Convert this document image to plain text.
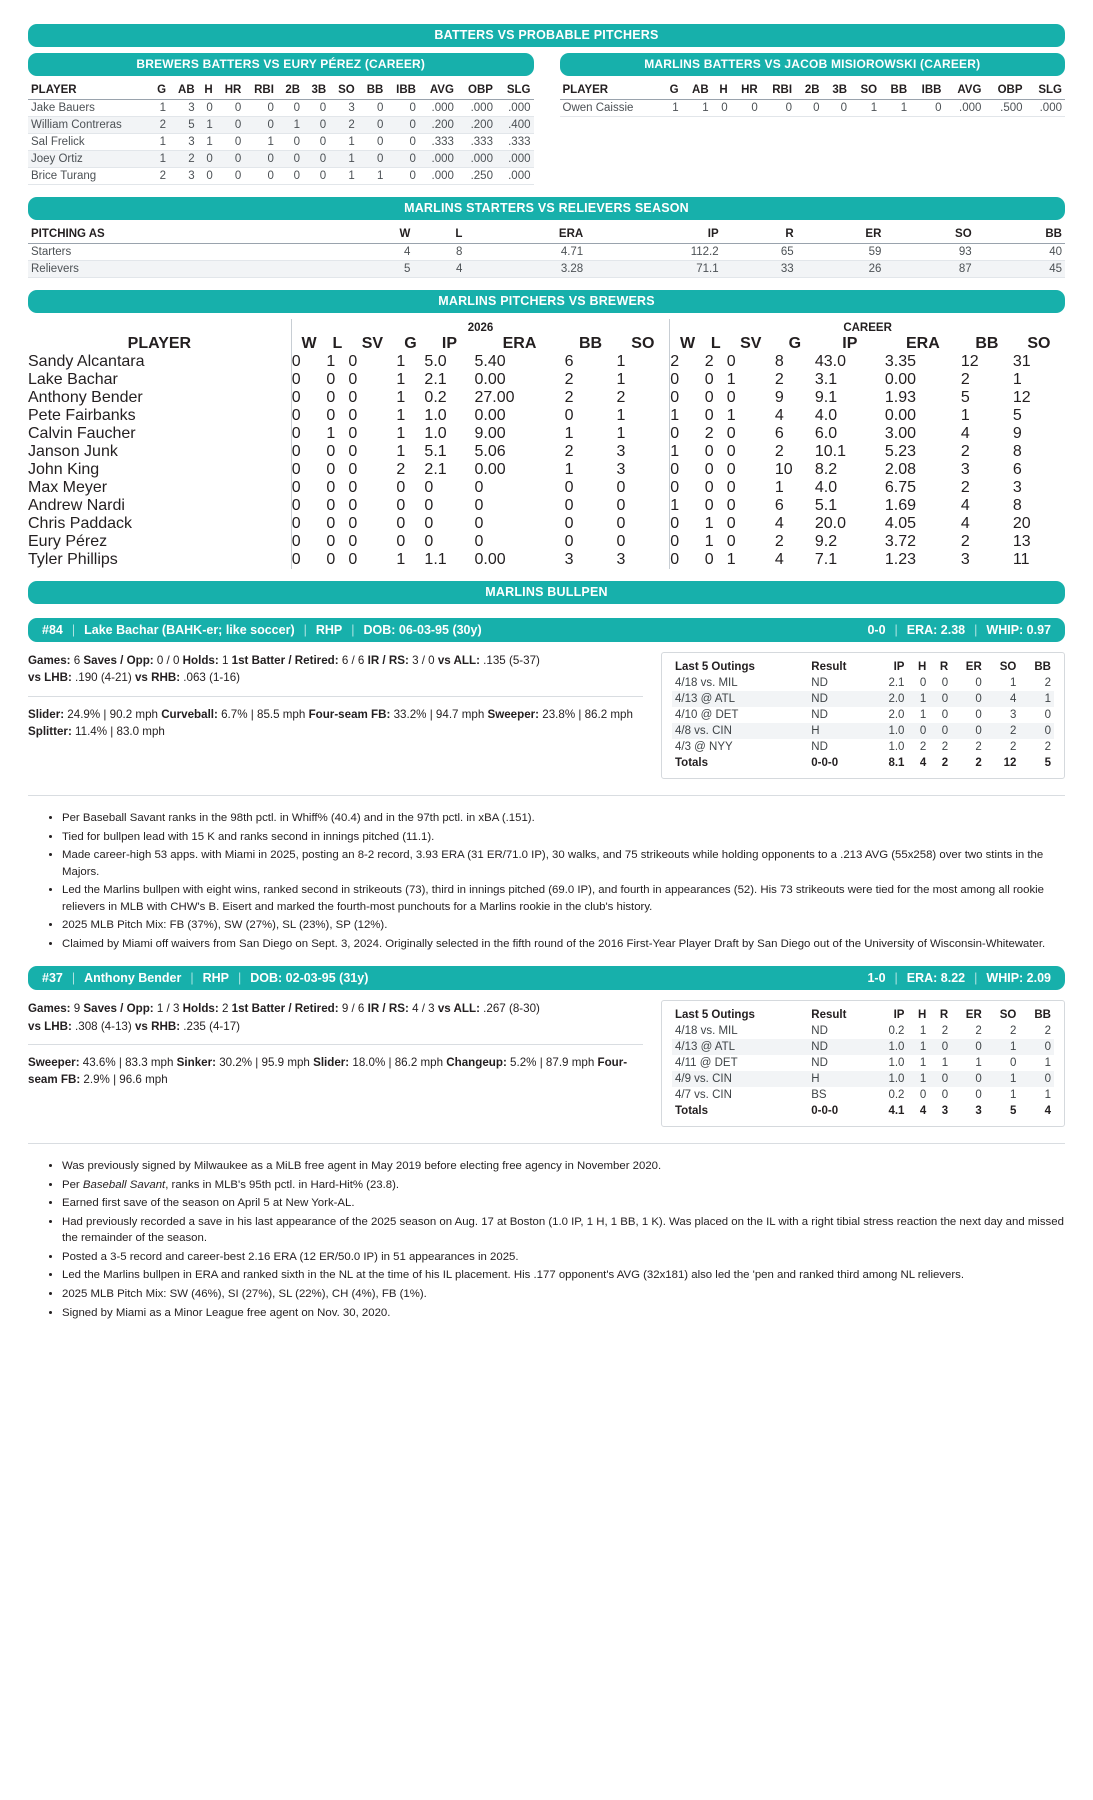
BATTERS VS PROBABLE PITCHERS
BREWERS BATTERS VS EURY PÉREZ (CAREER)
PLAYER	G	AB	H	HR	RBI	2B	3B	SO	BB	IBB	AVG	OBP	SLG
Jake Bauers	1	3	0	0	0	0	0	3	0	0	.000	.000	.000
William Contreras	2	5	1	0	0	1	0	2	0	0	.200	.200	.400
Sal Frelick	1	3	1	0	1	0	0	1	0	0	.333	.333	.333
Joey Ortiz	1	2	0	0	0	0	0	1	0	0	.000	.000	.000
Brice Turang	2	3	0	0	0	0	0	1	1	0	.000	.250	.000
MARLINS BATTERS VS JACOB MISIOROWSKI (CAREER)
PLAYER	G	AB	H	HR	RBI	2B	3B	SO	BB	IBB	AVG	OBP	SLG
Owen Caissie	1	1	0	0	0	0	0	1	1	0	.000	.500	.000
MARLINS STARTERS VS RELIEVERS SEASON
PITCHING AS	W	L	ERA	IP	R	ER	SO	BB
Starters	4	8	4.71	112.2	65	59	93	40
Relievers	5	4	3.28	71.1	33	26	87	45
MARLINS PITCHERS VS BREWERS
	2026								CAREER							
PLAYER	W	L	SV	G	IP	ERA	BB	SO	W	L	SV	G	IP	ERA	BB	SO
Sandy Alcantara	0	1	0	1	5.0	5.40	6	1	2	2	0	8	43.0	3.35	12	31
Lake Bachar	0	0	0	1	2.1	0.00	2	1	0	0	1	2	3.1	0.00	2	1
Anthony Bender	0	0	0	1	0.2	27.00	2	2	0	0	0	9	9.1	1.93	5	12
Pete Fairbanks	0	0	0	1	1.0	0.00	0	1	1	0	1	4	4.0	0.00	1	5
Calvin Faucher	0	1	0	1	1.0	9.00	1	1	0	2	0	6	6.0	3.00	4	9
Janson Junk	0	0	0	1	5.1	5.06	2	3	1	0	0	2	10.1	5.23	2	8
John King	0	0	0	2	2.1	0.00	1	3	0	0	0	10	8.2	2.08	3	6
Max Meyer	0	0	0	0	0	0	0	0	0	0	0	1	4.0	6.75	2	3
Andrew Nardi	0	0	0	0	0	0	0	0	1	0	0	6	5.1	1.69	4	8
Chris Paddack	0	0	0	0	0	0	0	0	0	1	0	4	20.0	4.05	4	20
Eury Pérez	0	0	0	0	0	0	0	0	0	1	0	2	9.2	3.72	2	13
Tyler Phillips	0	0	0	1	1.1	0.00	3	3	0	0	1	4	7.1	1.23	3	11
MARLINS BULLPEN
#84 | Lake Bachar (BAHK-er; like soccer) | RHP | DOB: 06-03-95 (30y)	0-0 | ERA: 2.38 | WHIP: 0.97
Games: 6 Saves / Opp: 0 / 0 Holds: 1 1st Batter / Retired: 6 / 6 IR / RS: 3 / 0 vs ALL: .135 (5-37)
vs LHB: .190 (4-21) vs RHB: .063 (1-16)
Slider: 24.9% | 90.2 mph Curveball: 6.7% | 85.5 mph Four-seam FB: 33.2% | 94.7 mph Sweeper: 23.8% | 86.2 mph Splitter: 11.4% | 83.0 mph
Last 5 Outings	Result	IP	H	R	ER	SO	BB
4/18 vs. MIL	ND	2.1	0	0	0	1	2
4/13 @ ATL	ND	2.0	1	0	0	4	1
4/10 @ DET	ND	2.0	1	0	0	3	0
4/8 vs. CIN	H	1.0	0	0	0	2	0
4/3 @ NYY	ND	1.0	2	2	2	2	2
Totals	0-0-0	8.1	4	2	2	12	5
• Per Baseball Savant ranks in the 98th pctl. in Whiff% (40.4) and in the 97th pctl. in xBA (.151).
• Tied for bullpen lead with 15 K and ranks second in innings pitched (11.1).
• Made career-high 53 apps. with Miami in 2025, posting an 8-2 record, 3.93 ERA (31 ER/71.0 IP), 30 walks, and 75 strikeouts while holding opponents to a .213 AVG (55x258) over two stints in the Majors.
• Led the Marlins bullpen with eight wins, ranked second in strikeouts (73), third in innings pitched (69.0 IP), and fourth in appearances (52). His 73 strikeouts were tied for the most among all rookie relievers in MLB with CHW's B. Eisert and marked the fourth-most punchouts for a Marlins rookie in the club's history.
• 2025 MLB Pitch Mix: FB (37%), SW (27%), SL (23%), SP (12%).
• Claimed by Miami off waivers from San Diego on Sept. 3, 2024. Originally selected in the fifth round of the 2016 First-Year Player Draft by San Diego out of the University of Wisconsin-Whitewater.
#37 | Anthony Bender | RHP | DOB: 02-03-95 (31y)	1-0 | ERA: 8.22 | WHIP: 2.09
Games: 9 Saves / Opp: 1 / 3 Holds: 2 1st Batter / Retired: 9 / 6 IR / RS: 4 / 3 vs ALL: .267 (8-30)
vs LHB: .308 (4-13) vs RHB: .235 (4-17)
Sweeper: 43.6% | 83.3 mph Sinker: 30.2% | 95.9 mph Slider: 18.0% | 86.2 mph Changeup: 5.2% | 87.9 mph Four-seam FB: 2.9% | 96.6 mph
Last 5 Outings	Result	IP	H	R	ER	SO	BB
4/18 vs. MIL	ND	0.2	1	2	2	2	2
4/13 @ ATL	ND	1.0	1	0	0	1	0
4/11 @ DET	ND	1.0	1	1	1	0	1
4/9 vs. CIN	H	1.0	1	0	0	1	0
4/7 vs. CIN	BS	0.2	0	0	0	1	1
Totals	0-0-0	4.1	4	3	3	5	4
• Was previously signed by Milwaukee as a MiLB free agent in May 2019 before electing free agency in November 2020.
• Per Baseball Savant, ranks in MLB's 95th pctl. in Hard-Hit% (23.8).
• Earned first save of the season on April 5 at New York-AL.
• Had previously recorded a save in his last appearance of the 2025 season on Aug. 17 at Boston (1.0 IP, 1 H, 1 BB, 1 K). Was placed on the IL with a right tibial stress reaction the next day and missed the remainder of the season.
• Posted a 3-5 record and career-best 2.16 ERA (12 ER/50.0 IP) in 51 appearances in 2025.
• Led the Marlins bullpen in ERA and ranked sixth in the NL at the time of his IL placement. His .177 opponent's AVG (32x181) also led the 'pen and ranked third among NL relievers.
• 2025 MLB Pitch Mix: SW (46%), SI (27%), SL (22%), CH (4%), FB (1%).
• Signed by Miami as a Minor League free agent on Nov. 30, 2020.
